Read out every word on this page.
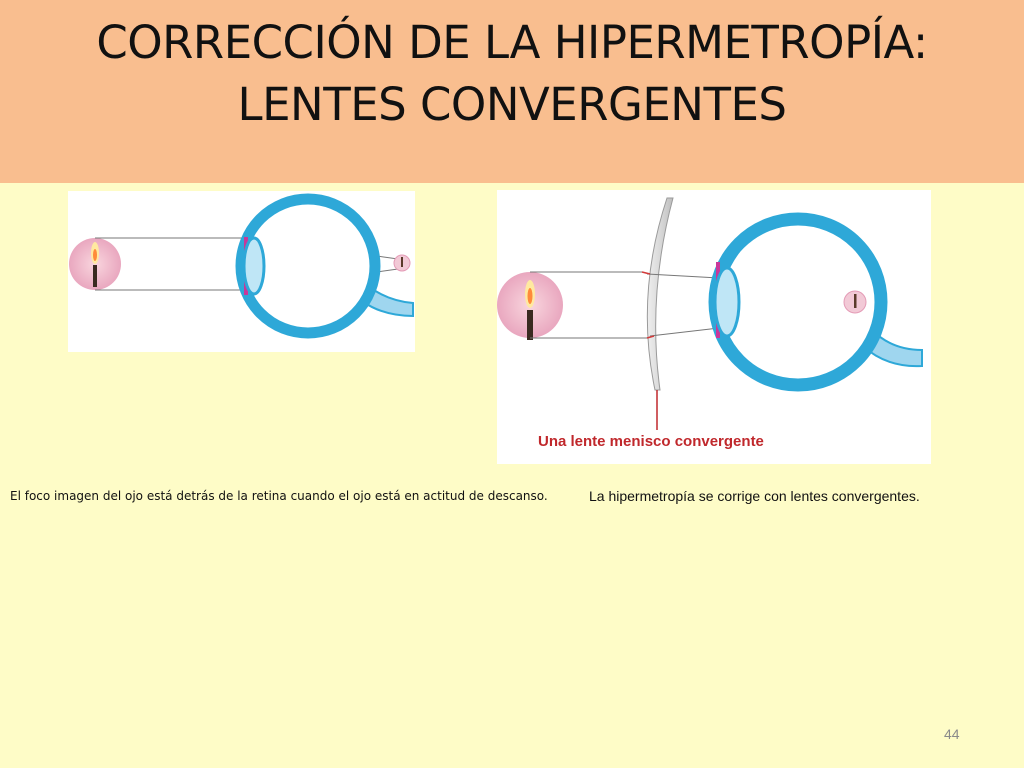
CORRECCIÓN DE LA HIPERMETROPÍA:
LENTES CONVERGENTES
Una lente menisco convergente
El foco imagen del ojo está detrás de la retina cuando el ojo está en actitud de descanso.	La hipermetropía se corrige con lentes convergentes.
44
